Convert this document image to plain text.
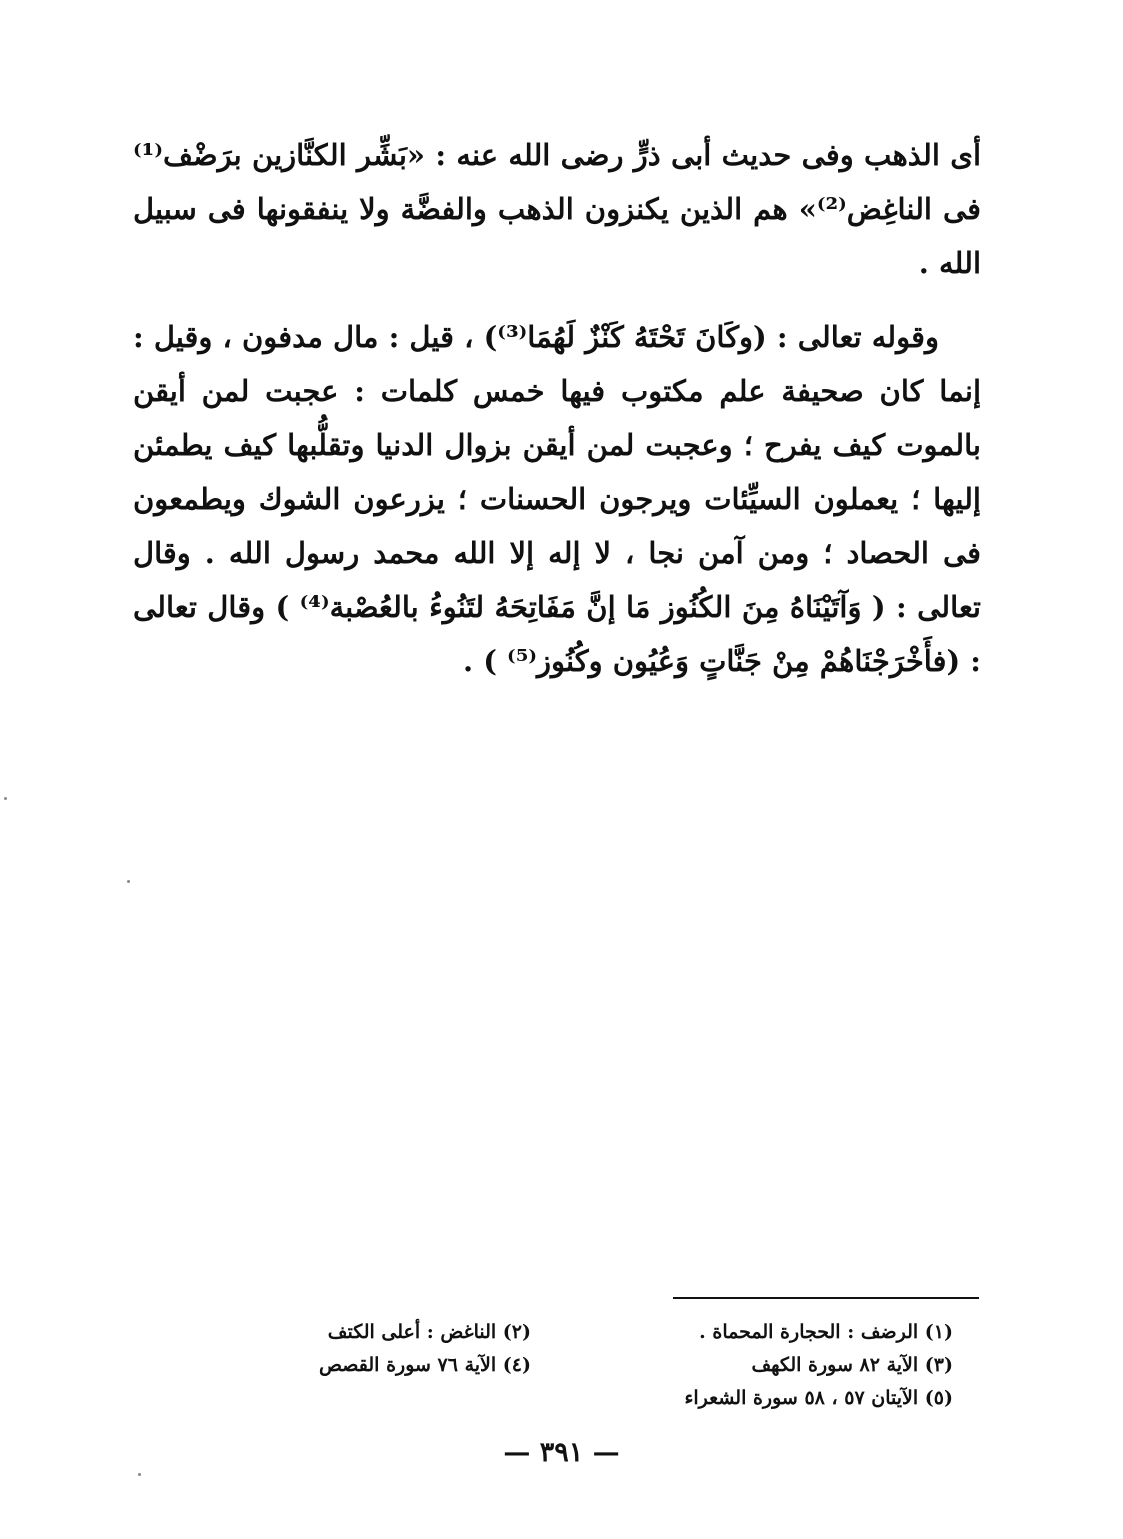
أى الذهب وفى حديث أبى ذرٍّ رضى الله عنه : «بَشِّر الكنَّازين برَضْف⁽¹⁾ فى الناغِض⁽²⁾» هم الذين يكنزون الذهب والفضَّة ولا ينفقونها فى سبيل الله .

وقوله تعالى : (وكَانَ تَحْتَهُ كَنْزٌ لَهُمَا⁽³⁾) ، قيل : مال مدفون ، وقيل : إنما كان صحيفة علم مكتوب فيها خمس كلمات : عجبت لمن أيقن بالموت كيف يفرح ؛ وعجبت لمن أيقن بزوال الدنيا وتقلُّبها كيف يطمئن إليها ؛ يعملون السيِّئات ويرجون الحسنات ؛ يزرعون الشوك ويطمعون فى الحصاد ؛ ومن آمن نجا ، لا إله إلا الله محمد رسول الله . وقال تعالى : ( وَآتَيْنَاهُ مِنَ الكُنُوز مَا إنَّ مَفَاتِحَهُ لتَنُوءُ بالعُصْبة⁽⁴⁾ ) وقال تعالى : (فأَخْرَجْنَاهُمْ مِنْ جَنَّاتٍ وَعُيُون وكُنُوز⁽⁵⁾ ) .

(١) الرضف : الحجارة المحماة .

(٣) الآية ٨٢ سورة الكهف

(٥) الآيتان ٥٧ ، ٥٨ سورة الشعراء

(٢) الناغض : أعلى الكتف

(٤) الآية ٧٦ سورة القصص

— ٣٩١ —
